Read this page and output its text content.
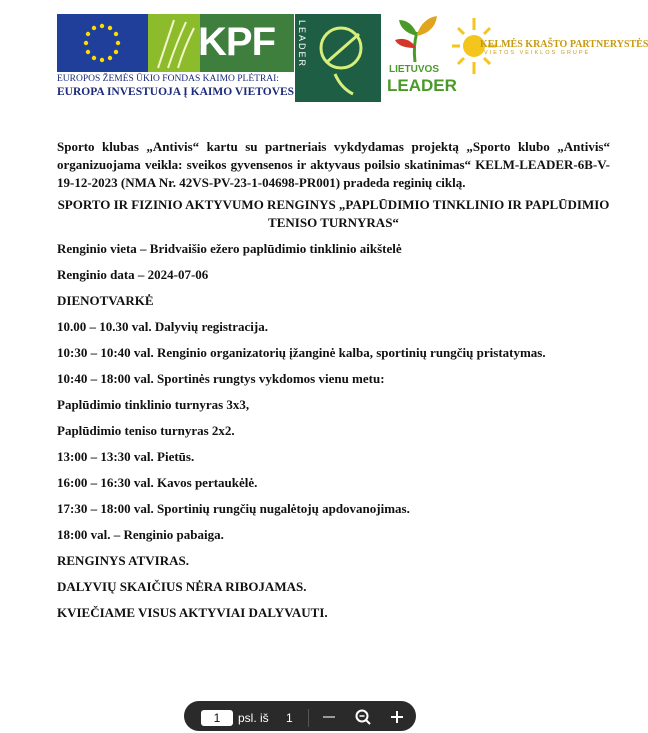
KPF
EUROPOS ŽEMĖS ŪKIO FONDAS KAIMO PLĖTRAI:
EUROPA INVESTUOJA Į KAIMO VIETOVES
LEADER
LIETUVOS
LEADER
KELMĖS KRAŠTO PARTNERYSTĖS
VIETOS VEIKLOS GRUPĖ

Sporto klubas „Antivis“ kartu su partneriais vykdydamas projektą „Sporto klubo „Antivis“ organizuojama veikla: sveikos gyvensenos ir aktyvaus poilsio skatinimas“ KELM-LEADER-6B-V-19-12-2023 (NMA Nr. 42VS-PV-23-1-04698-PR001) pradeda reginių ciklą.

SPORTO IR FIZINIO AKTYVUMO RENGINYS „PAPLŪDIMIO TINKLINIO IR PAPLŪDIMIO TENISO TURNYRAS“

Renginio vieta – Bridvaišio ežero paplūdimio tinklinio aikštelė

Renginio data – 2024-07-06

DIENOTVARKĖ

10.00 – 10.30 val. Dalyvių registracija.

10:30 – 10:40 val. Renginio organizatorių įžanginė kalba, sportinių rungčių pristatymas.

10:40 – 18:00 val. Sportinės rungtys vykdomos vienu metu:

Paplūdimio tinklinio turnyras 3x3,

Paplūdimio teniso turnyras 2x2.

13:00 – 13:30 val. Pietūs.

16:00 – 16:30 val. Kavos pertaukėlė.

17:30 – 18:00 val. Sportinių rungčių nugalėtojų apdovanojimas.

18:00 val. – Renginio pabaiga.

RENGINYS ATVIRAS.

DALYVIŲ SKAIČIUS NĖRA RIBOJAMAS.

KVIEČIAME VISUS AKTYVIAI DALYVAUTI.

1	psl. iš 1
